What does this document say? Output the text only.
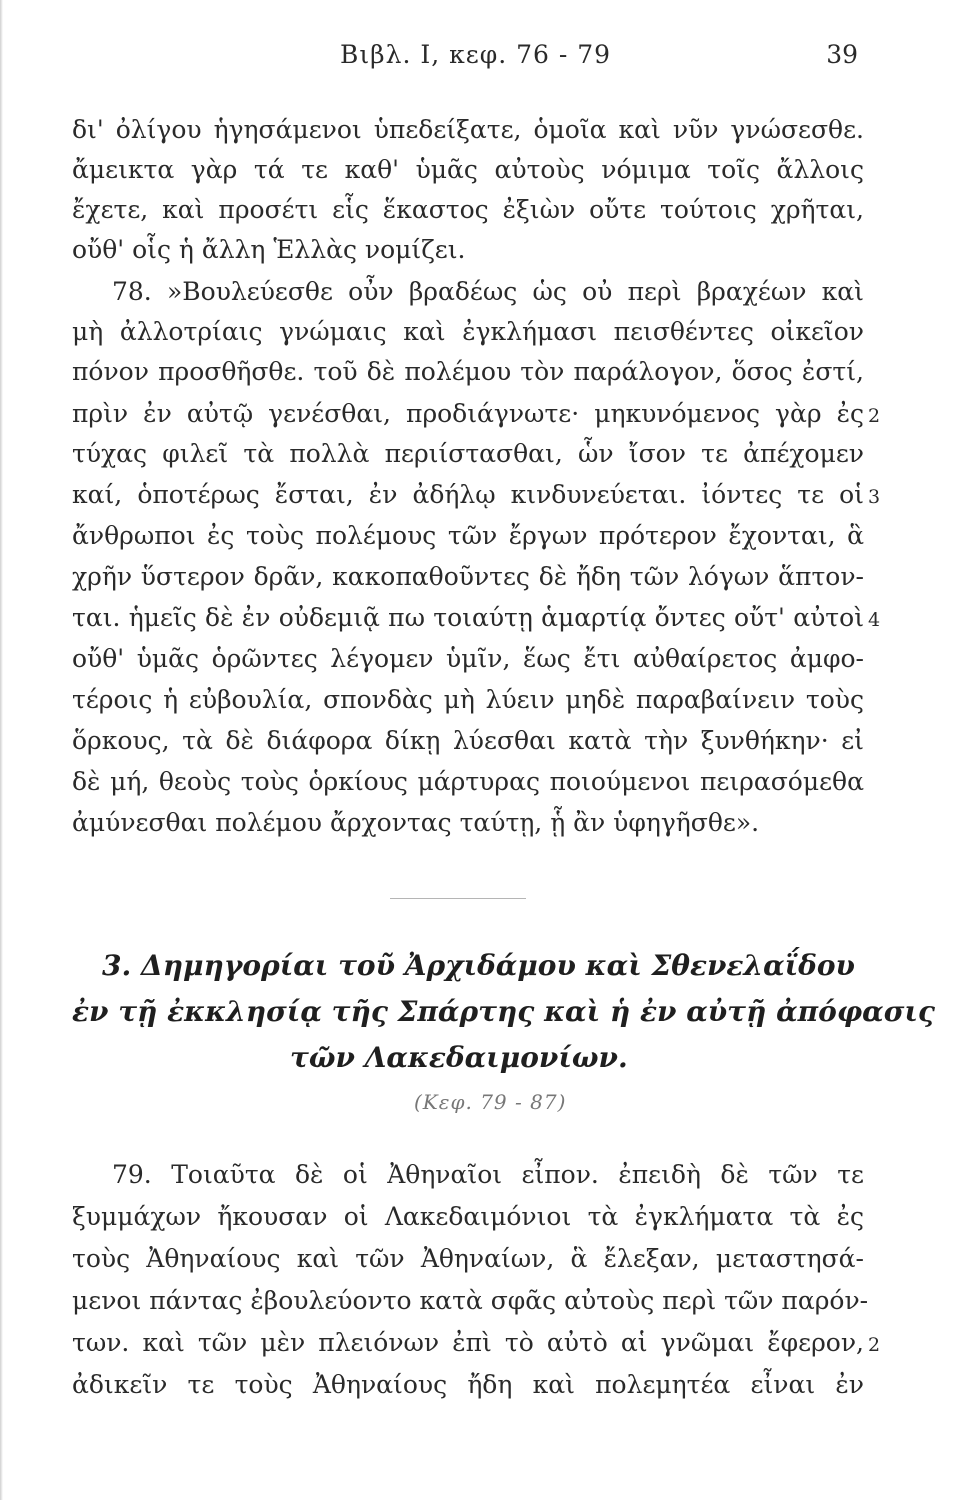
Βιβλ. Ι, κεφ. 76 - 79	39
δι' ὀλίγου ἡγησάμενοι ὑπεδείξατε, ὁμοῖα καὶ νῦν γνώσεσθε.
ἄμεικτα γὰρ τά τε καθ' ὑμᾶς αὐτοὺς νόμιμα τοῖς ἄλλοις
ἔχετε, καὶ προσέτι εἷς ἕκαστος ἐξιὼν οὔτε τούτοις χρῆται,
οὔθ' οἷς ἡ ἄλλη Ἑλλὰς νομίζει.
78. »Βουλεύεσθε οὖν βραδέως ὡς οὐ περὶ βραχέων καὶ
μὴ ἀλλοτρίαις γνώμαις καὶ ἐγκλήμασι πεισθέντες οἰκεῖον
πόνον προσθῆσθε. τοῦ δὲ πολέμου τὸν παράλογον, ὅσος ἐστί,
πρὶν ἐν αὐτῷ γενέσθαι, προδιάγνωτε· μηκυνόμενος γὰρ ἐς
τύχας φιλεῖ τὰ πολλὰ περιίστασθαι, ὧν ἴσον τε ἀπέχομεν
καί, ὁποτέρως ἔσται, ἐν ἀδήλῳ κινδυνεύεται. ἰόντες τε οἱ
ἄνθρωποι ἐς τοὺς πολέμους τῶν ἔργων πρότερον ἔχονται, ἃ
χρῆν ὕστερον δρᾶν, κακοπαθοῦντες δὲ ἤδη τῶν λόγων ἅπτον-
ται. ἡμεῖς δὲ ἐν οὐδεμιᾷ πω τοιαύτῃ ἁμαρτίᾳ ὄντες οὔτ' αὐτοὶ
οὔθ' ὑμᾶς ὁρῶντες λέγομεν ὑμῖν, ἕως ἔτι αὐθαίρετος ἀμφο-
τέροις ἡ εὐβουλία, σπονδὰς μὴ λύειν μηδὲ παραβαίνειν τοὺς
ὅρκους, τὰ δὲ διάφορα δίκῃ λύεσθαι κατὰ τὴν ξυνθήκην· εἰ
δὲ μή, θεοὺς τοὺς ὁρκίους μάρτυρας ποιούμενοι πειρασόμεθα
ἀμύνεσθαι πολέμου ἄρχοντας ταύτῃ, ᾗ ἂν ὑφηγῆσθε».
2
3
4
3. Δημηγορίαι τοῦ Ἀρχιδάμου καὶ Σθενελαΐδου
ἐν τῇ ἐκκλησίᾳ τῆς Σπάρτης καὶ ἡ ἐν αὐτῇ ἀπόφασις
τῶν Λακεδαιμονίων.
(Κεφ. 79 - 87)
79. Τοιαῦτα δὲ οἱ Ἀθηναῖοι εἶπον. ἐπειδὴ δὲ τῶν τε
ξυμμάχων ἤκουσαν οἱ Λακεδαιμόνιοι τὰ ἐγκλήματα τὰ ἐς
τοὺς Ἀθηναίους καὶ τῶν Ἀθηναίων, ἃ ἔλεξαν, μεταστησά-
μενοι πάντας ἐβουλεύοντο κατὰ σφᾶς αὐτοὺς περὶ τῶν παρόν-
των. καὶ τῶν μὲν πλειόνων ἐπὶ τὸ αὐτὸ αἱ γνῶμαι ἔφερον,
ἀδικεῖν τε τοὺς Ἀθηναίους ἤδη καὶ πολεμητέα εἶναι ἐν
2
